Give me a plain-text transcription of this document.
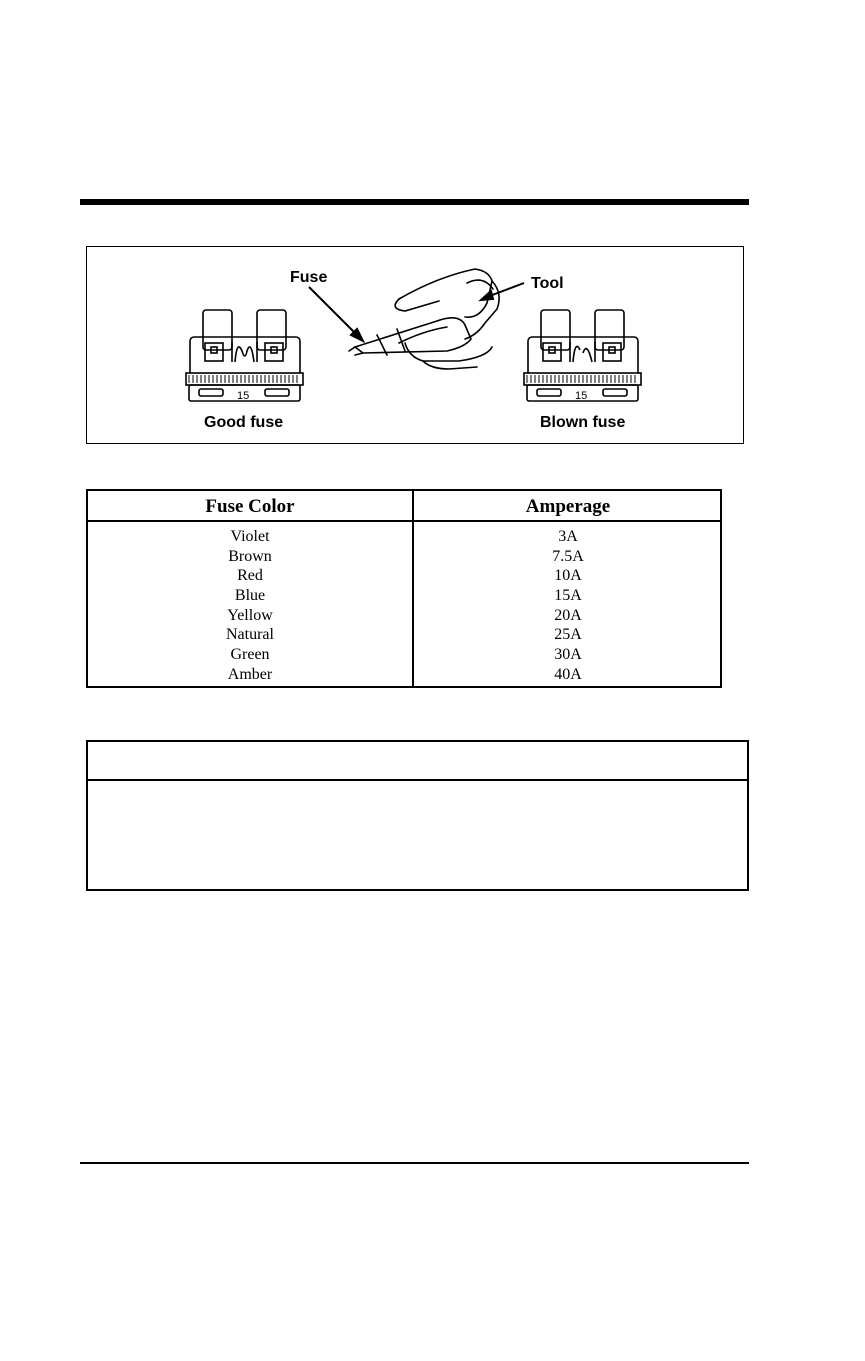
Fuse	Tool
Good fuse	Blown fuse
15	15
Fuse Color	Amperage
Violet	3A
Brown	7.5A
Red	10A
Blue	15A
Yellow	20A
Natural	25A
Green	30A
Amber	40A
